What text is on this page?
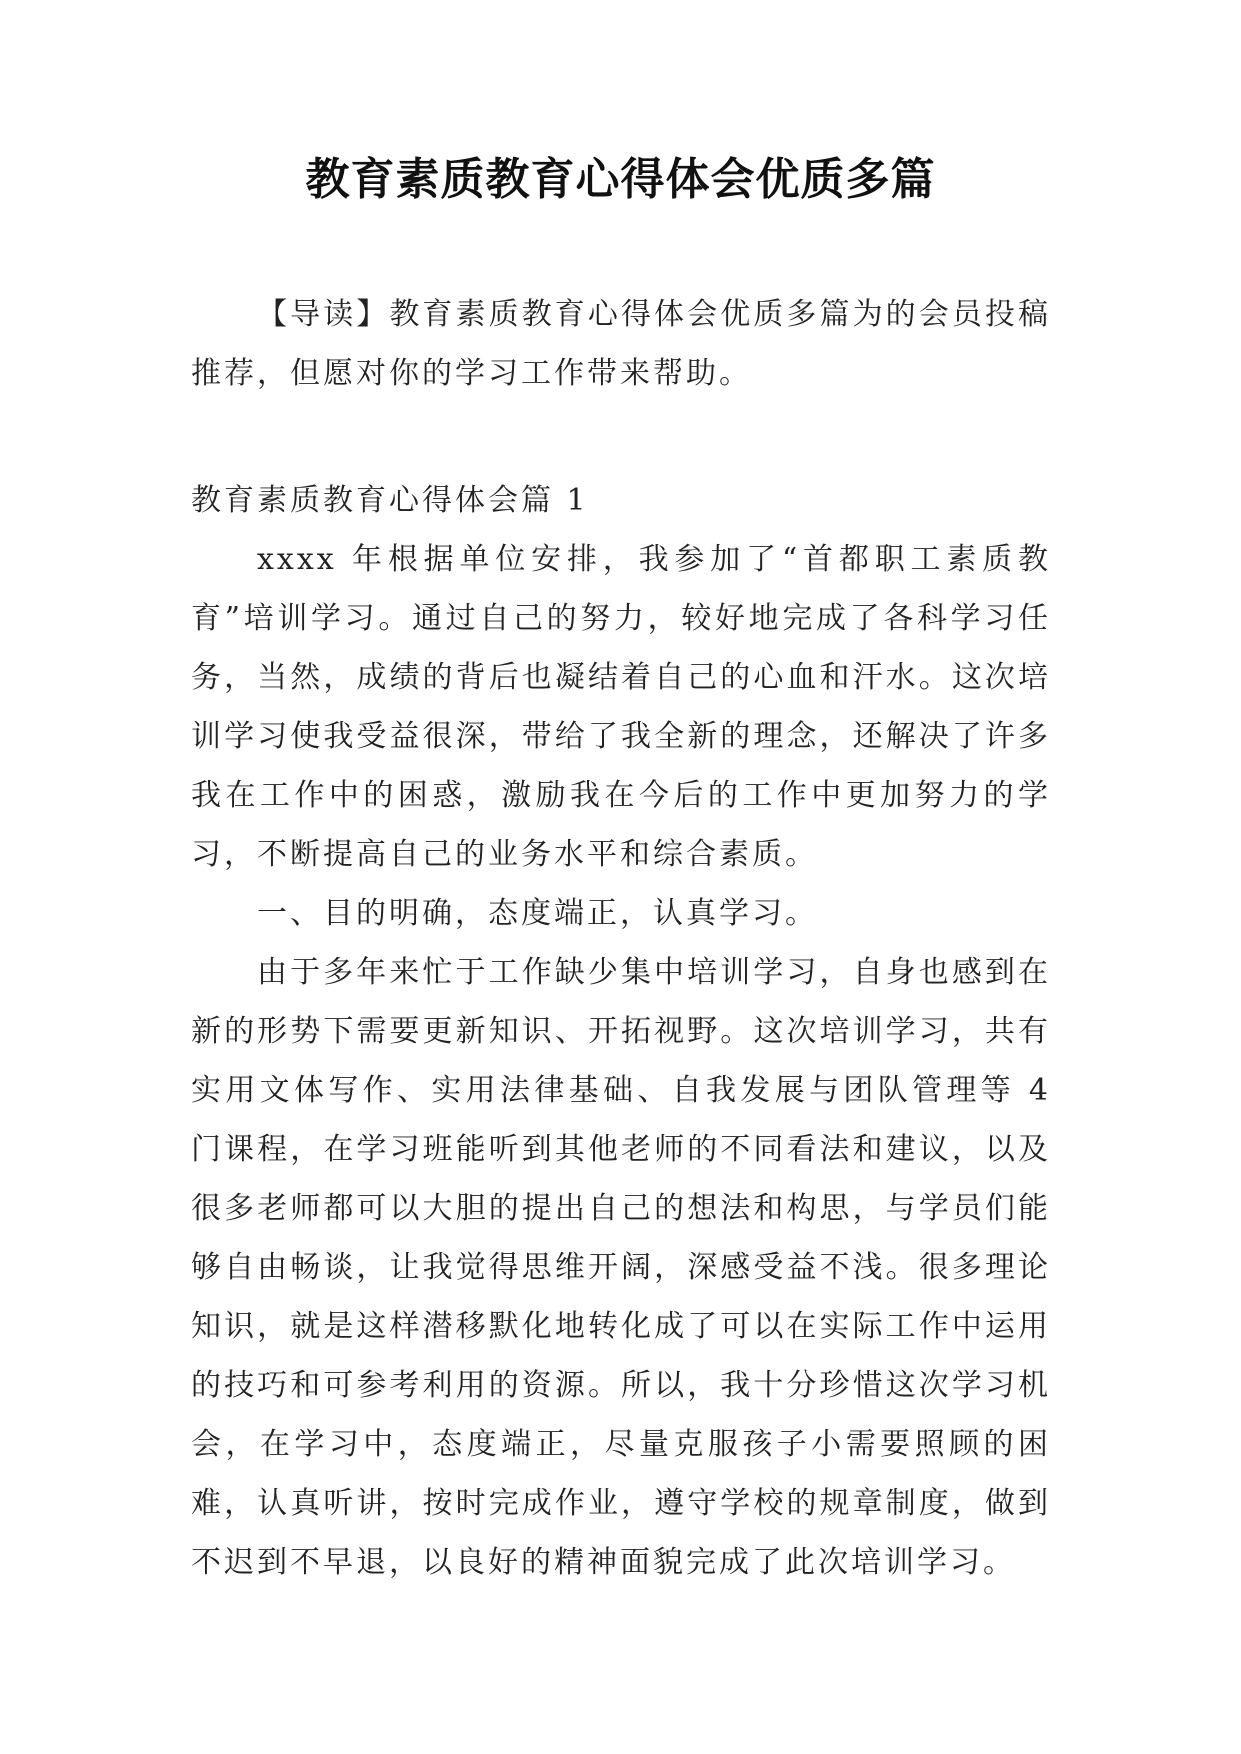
教育素质教育心得体会优质多篇

【导读】教育素质教育心得体会优质多篇为的会员投稿推荐，但愿对你的学习工作带来帮助。

教育素质教育心得体会篇 1

xxxx 年根据单位安排，我参加了“首都职工素质教育”培训学习。通过自己的努力，较好地完成了各科学习任务，当然，成绩的背后也凝结着自己的心血和汗水。这次培训学习使我受益很深，带给了我全新的理念，还解决了许多我在工作中的困惑，激励我在今后的工作中更加努力的学习，不断提高自己的业务水平和综合素质。

一、目的明确，态度端正，认真学习。

由于多年来忙于工作缺少集中培训学习，自身也感到在新的形势下需要更新知识、开拓视野。这次培训学习，共有实用文体写作、实用法律基础、自我发展与团队管理等 4 门课程，在学习班能听到其他老师的不同看法和建议，以及很多老师都可以大胆的提出自己的想法和构思，与学员们能够自由畅谈，让我觉得思维开阔，深感受益不浅。很多理论知识，就是这样潜移默化地转化成了可以在实际工作中运用的技巧和可参考利用的资源。所以，我十分珍惜这次学习机会，在学习中，态度端正，尽量克服孩子小需要照顾的困难，认真听讲，按时完成作业，遵守学校的规章制度，做到不迟到不早退，以良好的精神面貌完成了此次培训学习。
